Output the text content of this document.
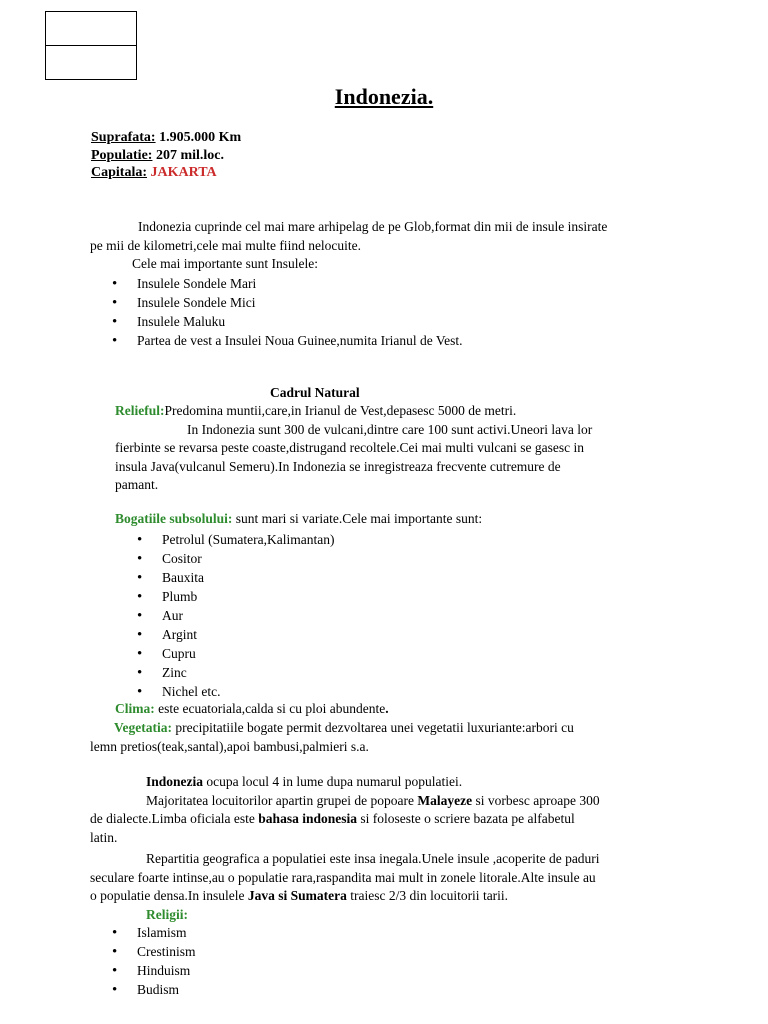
Indonezia.
Suprafata: 1.905.000 Km
Populatie: 207 mil.loc.
Capitala: JAKARTA
Indonezia cuprinde cel mai mare arhipelag de pe Glob,format din mii de insule insirate
pe mii de kilometri,cele mai multe fiind nelocuite.
Cele mai importante sunt Insulele:
• Insulele Sondele Mari
• Insulele Sondele Mici
• Insulele Maluku
• Partea de vest a Insulei Noua Guinee,numita Irianul de Vest.
Cadrul Natural
Relieful:Predomina muntii,care,in Irianul de Vest,depasesc 5000 de metri.
In Indonezia sunt 300 de vulcani,dintre care 100 sunt activi.Uneori lava lor
fierbinte se revarsa peste coaste,distrugand recoltele.Cei mai multi vulcani se gasesc in
insula Java(vulcanul Semeru).In Indonezia se inregistreaza frecvente cutremure de
pamant.
Bogatiile subsolului: sunt mari si variate.Cele mai importante sunt:
• Petrolul (Sumatera,Kalimantan)
• Cositor
• Bauxita
• Plumb
• Aur
• Argint
• Cupru
• Zinc
• Nichel etc.
Clima: este ecuatoriala,calda si cu ploi abundente.
Vegetatia: precipitatiile bogate permit dezvoltarea unei vegetatii luxuriante:arbori cu
lemn pretios(teak,santal),apoi bambusi,palmieri s.a.
Indonezia ocupa locul 4 in lume dupa numarul populatiei.
Majoritatea locuitorilor apartin grupei de popoare Malayeze si vorbesc aproape 300
de dialecte.Limba oficiala este bahasa indonesia si foloseste o scriere bazata pe alfabetul
latin.
Repartitia geografica a populatiei este insa inegala.Unele insule ,acoperite de paduri
seculare foarte intinse,au o populatie rara,raspandita mai mult in zonele litorale.Alte insule au
o populatie densa.In insulele Java si Sumatera traiesc 2/3 din locuitorii tarii.
Religii:
• Islamism
• Crestinism
• Hinduism
• Budism
